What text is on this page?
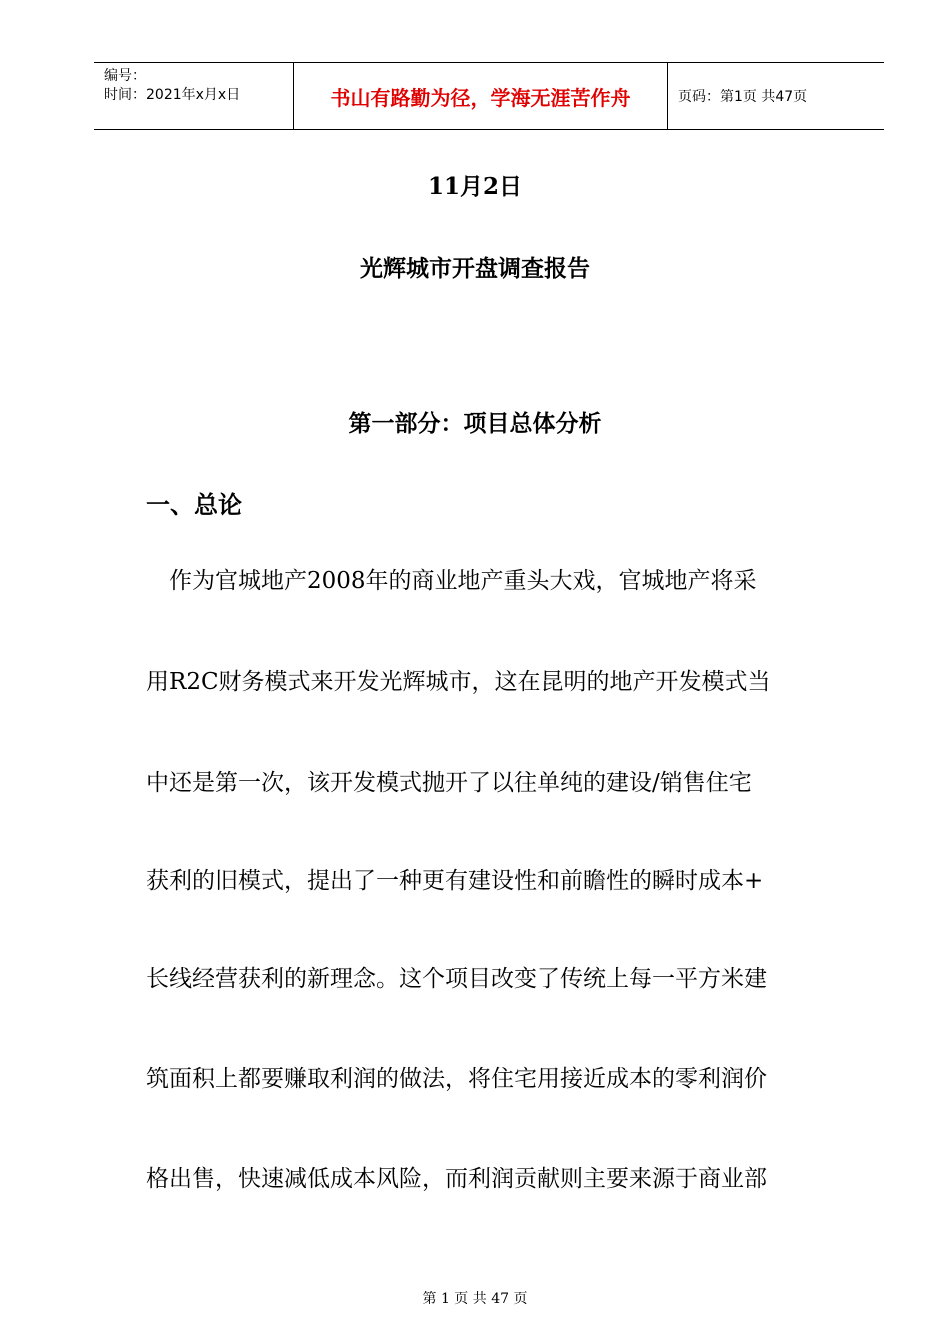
编号：
时间：2021年x月x日	书山有路勤为径，学海无涯苦作舟	页码：第1页 共47页
11月2日
光辉城市开盘调查报告
第一部分：项目总体分析
一、总论
　作为官城地产2008年的商业地产重头大戏，官城地产将采
用R2C财务模式来开发光辉城市，这在昆明的地产开发模式当
中还是第一次，该开发模式抛开了以往单纯的建设/销售住宅
获利的旧模式，提出了一种更有建设性和前瞻性的瞬时成本+
长线经营获利的新理念。这个项目改变了传统上每一平方米建
筑面积上都要赚取利润的做法，将住宅用接近成本的零利润价
格出售，快速减低成本风险，而利润贡献则主要来源于商业部
第 1 页 共 47 页
